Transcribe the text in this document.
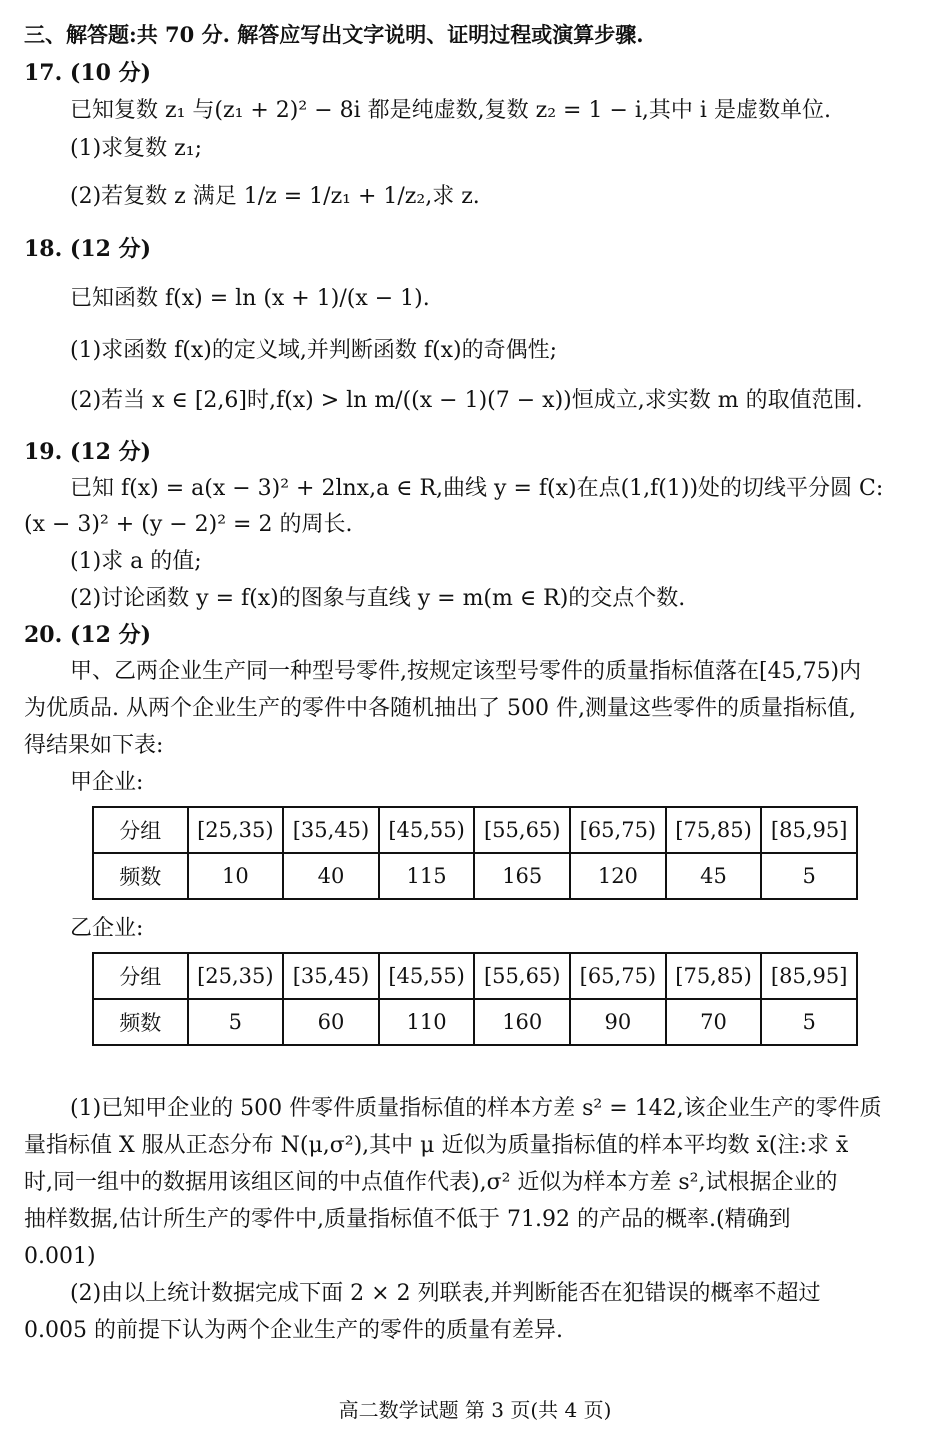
三、解答题:共 70 分. 解答应写出文字说明、证明过程或演算步骤.
17. (10 分)
已知复数 z₁ 与(z₁ + 2)² − 8i 都是纯虚数,复数 z₂ = 1 − i,其中 i 是虚数单位.
(1)求复数 z₁;
(2)若复数 z 满足 1/z = 1/z₁ + 1/z₂,求 z.
18. (12 分)
已知函数 f(x) = ln (x + 1)/(x − 1).
(1)求函数 f(x)的定义域,并判断函数 f(x)的奇偶性;
(2)若当 x ∈ [2,6]时,f(x) > ln m/((x − 1)(7 − x))恒成立,求实数 m 的取值范围.
19. (12 分)
已知 f(x) = a(x − 3)² + 2lnx,a ∈ R,曲线 y = f(x)在点(1,f(1))处的切线平分圆 C:
(x − 3)² + (y − 2)² = 2 的周长.
(1)求 a 的值;
(2)讨论函数 y = f(x)的图象与直线 y = m(m ∈ R)的交点个数.
20. (12 分)
甲、乙两企业生产同一种型号零件,按规定该型号零件的质量指标值落在[45,75)内
为优质品. 从两个企业生产的零件中各随机抽出了 500 件,测量这些零件的质量指标值,
得结果如下表:
甲企业:
分组	[25,35)	[35,45)	[45,55)	[55,65)	[65,75)	[75,85)	[85,95]
频数	10	40	115	165	120	45	5
乙企业:
分组	[25,35)	[35,45)	[45,55)	[55,65)	[65,75)	[75,85)	[85,95]
频数	5	60	110	160	90	70	5
(1)已知甲企业的 500 件零件质量指标值的样本方差 s² = 142,该企业生产的零件质
量指标值 X 服从正态分布 N(μ,σ²),其中 μ 近似为质量指标值的样本平均数 x̄(注:求 x̄
时,同一组中的数据用该组区间的中点值作代表),σ² 近似为样本方差 s²,试根据企业的
抽样数据,估计所生产的零件中,质量指标值不低于 71.92 的产品的概率.(精确到
0.001)
(2)由以上统计数据完成下面 2 × 2 列联表,并判断能否在犯错误的概率不超过
0.005 的前提下认为两个企业生产的零件的质量有差异.
高二数学试题 第 3 页(共 4 页)
